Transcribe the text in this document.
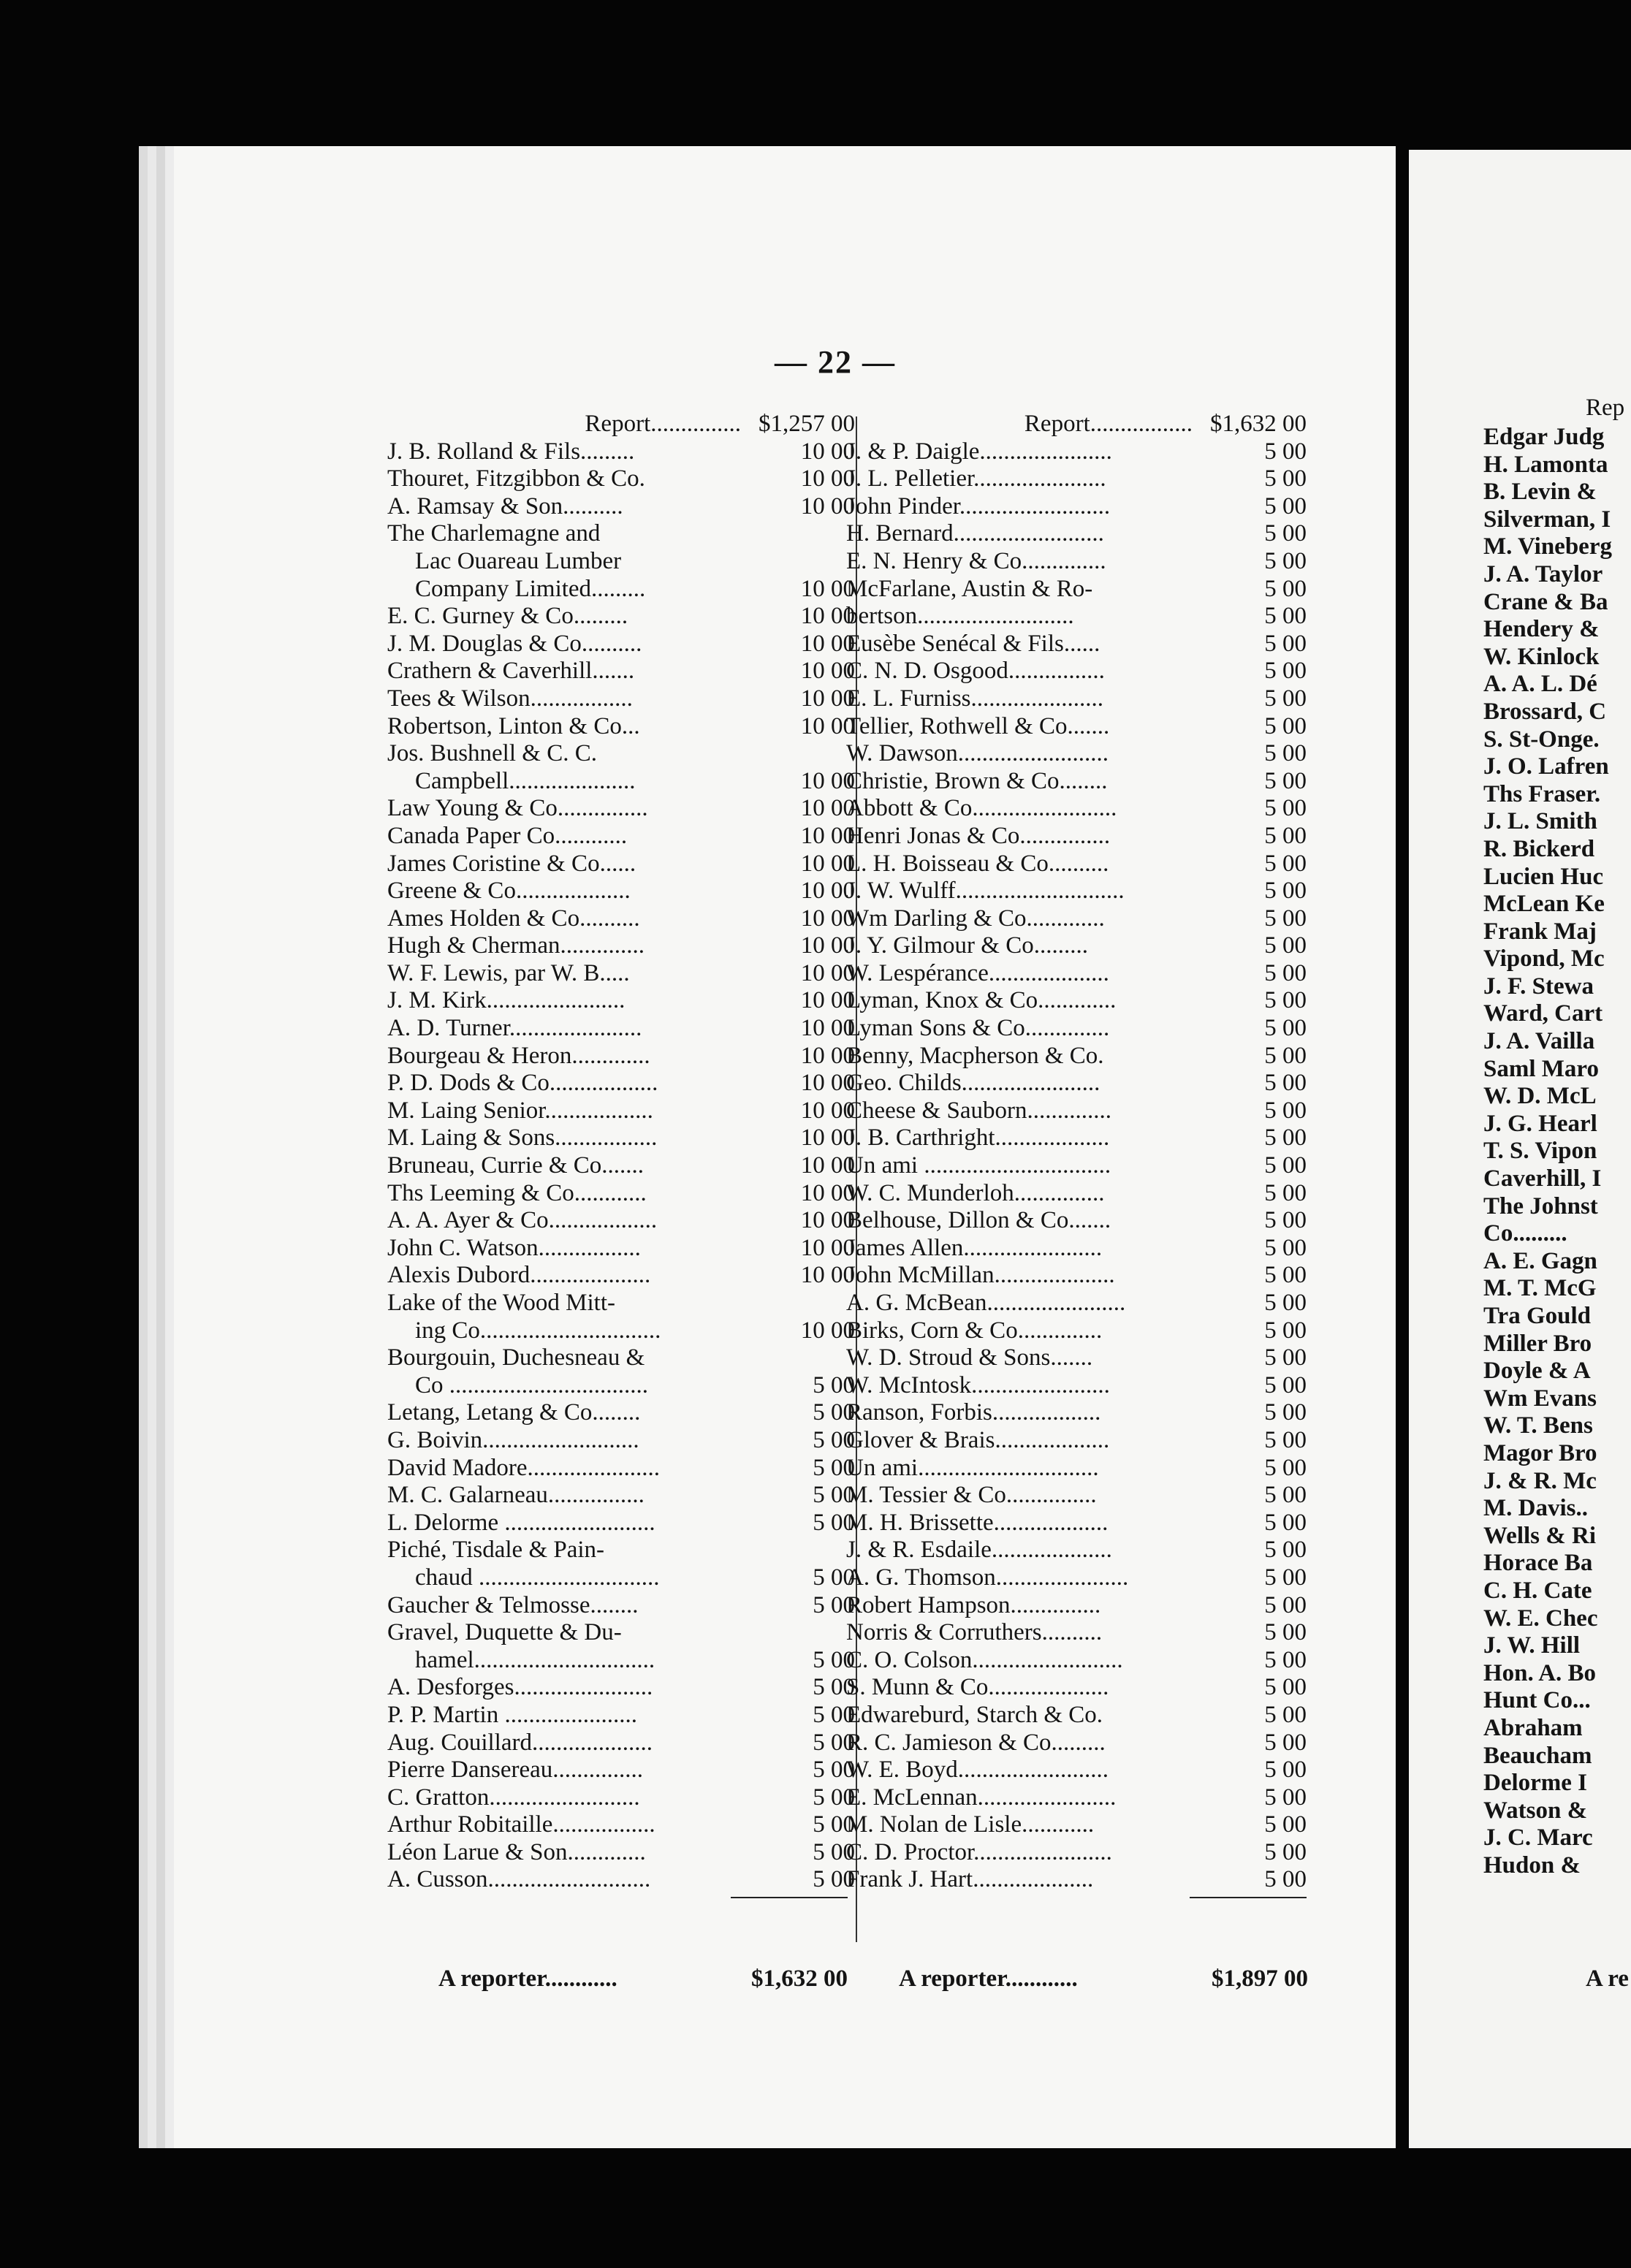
— 22 —
Report............... $1,257 00
J. B. Rolland & Fils.........	10 00
Thouret, Fitzgibbon & Co.	10 00
A. Ramsay & Son..........	10 00
The Charlemagne and
Lac Ouareau Lumber
Company Limited.........	10 00
E. C. Gurney & Co.........	10 00
J. M. Douglas & Co..........	10 00
Crathern & Caverhill.......	10 00
Tees & Wilson.................	10 00
Robertson, Linton & Co...	10 00
Jos. Bushnell & C. C.
Campbell.....................	10 00
Law Young & Co...............	10 00
Canada Paper Co............	10 00
James Coristine & Co......	10 00
Greene & Co...................	10 00
Ames Holden & Co..........	10 00
Hugh & Cherman..............	10 00
W. F. Lewis, par W. B.....	10 00
J. M. Kirk.......................	10 00
A. D. Turner......................	10 00
Bourgeau & Heron.............	10 00
P. D. Dods & Co..................	10 00
M. Laing Senior..................	10 00
M. Laing & Sons.................	10 00
Bruneau, Currie & Co.......	10 00
Ths Leeming & Co............	10 00
A. A. Ayer & Co..................	10 00
John C. Watson.................	10 00
Alexis Dubord....................	10 00
Lake of the Wood Mitt-
ing Co..............................	10 00
Bourgouin, Duchesneau &
Co .................................	5 00
Letang, Letang & Co........	5 00
G. Boivin..........................	5 00
David Madore......................	5 00
M. C. Galarneau................	5 00
L. Delorme .........................	5 00
Piché, Tisdale & Pain-
chaud ..............................	5 00
Gaucher & Telmosse........	5 00
Gravel, Duquette & Du-
hamel..............................	5 00
A. Desforges.......................	5 00
P. P. Martin ......................	5 00
Aug. Couillard....................	5 00
Pierre Dansereau...............	5 00
C. Gratton.........................	5 00
Arthur Robitaille.................	5 00
Léon Larue & Son.............	5 00
A. Cusson...........................	5 00
Report................. $1,632 00
J. & P. Daigle......................	5 00
J. L. Pelletier......................	5 00
John Pinder.........................	5 00
H. Bernard.........................	5 00
E. N. Henry & Co..............	5 00
McFarlane, Austin & Ro-	5 00
bertson..........................	5 00
Eusèbe Senécal & Fils......	5 00
C. N. D. Osgood................	5 00
E. L. Furniss......................	5 00
Tellier, Rothwell & Co.......	5 00
W. Dawson.........................	5 00
Christie, Brown & Co........	5 00
Abbott & Co........................	5 00
Henri Jonas & Co...............	5 00
L. H. Boisseau & Co..........	5 00
J. W. Wulff............................	5 00
Wm Darling & Co.............	5 00
J. Y. Gilmour & Co.........	5 00
W. Lespérance....................	5 00
Lyman, Knox & Co.............	5 00
Lyman Sons & Co..............	5 00
Benny, Macpherson & Co.	5 00
Geo. Childs.......................	5 00
Cheese & Sauborn..............	5 00
J. B. Carthright...................	5 00
Un ami ...............................	5 00
W. C. Munderloh...............	5 00
Belhouse, Dillon & Co.......	5 00
James Allen.......................	5 00
John McMillan....................	5 00
A. G. McBean.......................	5 00
Birks, Corn & Co..............	5 00
W. D. Stroud & Sons.......	5 00
W. McIntosk.......................	5 00
Ranson, Forbis..................	5 00
Glover & Brais...................	5 00
Un ami..............................	5 00
M. Tessier & Co...............	5 00
M. H. Brissette...................	5 00
J. & R. Esdaile....................	5 00
A. G. Thomson......................	5 00
Robert Hampson...............	5 00
Norris & Corruthers..........	5 00
C. O. Colson.........................	5 00
S. Munn & Co....................	5 00
Edwareburd, Starch & Co.	5 00
R. C. Jamieson & Co.........	5 00
W. E. Boyd.........................	5 00
E. McLennan.......................	5 00
M. Nolan de Lisle............	5 00
C. D. Proctor.......................	5 00
Frank J. Hart....................	5 00
A reporter............	$1,632 00 A reporter............	$1,897 00
Rep
Edgar Judg
H. Lamonta
B. Levin &
Silverman, I
M. Vineberg
J. A. Taylor
Crane & Ba
Hendery &
W. Kinlock
A. A. L. Dé
Brossard, C
S. St-Onge.
J. O. Lafren
Ths Fraser.
J. L. Smith
R. Bickerd
Lucien Huc
McLean Ke
Frank Maj
Vipond, Mc
J. F. Stewa
Ward, Cart
J. A. Vailla
Saml Maro
W. D. McL
J. G. Hearl
T. S. Vipon
Caverhill, I
The Johnst
Co.........
A. E. Gagn
M. T. McG
Tra Gould
Miller Bro
Doyle & A
Wm Evans
W. T. Bens
Magor Bro
J. & R. Mc
M. Davis..
Wells & Ri
Horace Ba
C. H. Cate
W. E. Chec
J. W. Hill
Hon. A. Bo
Hunt Co...
Abraham
Beaucham
Delorme I
Watson &
J. C. Marc
Hudon &
A re
